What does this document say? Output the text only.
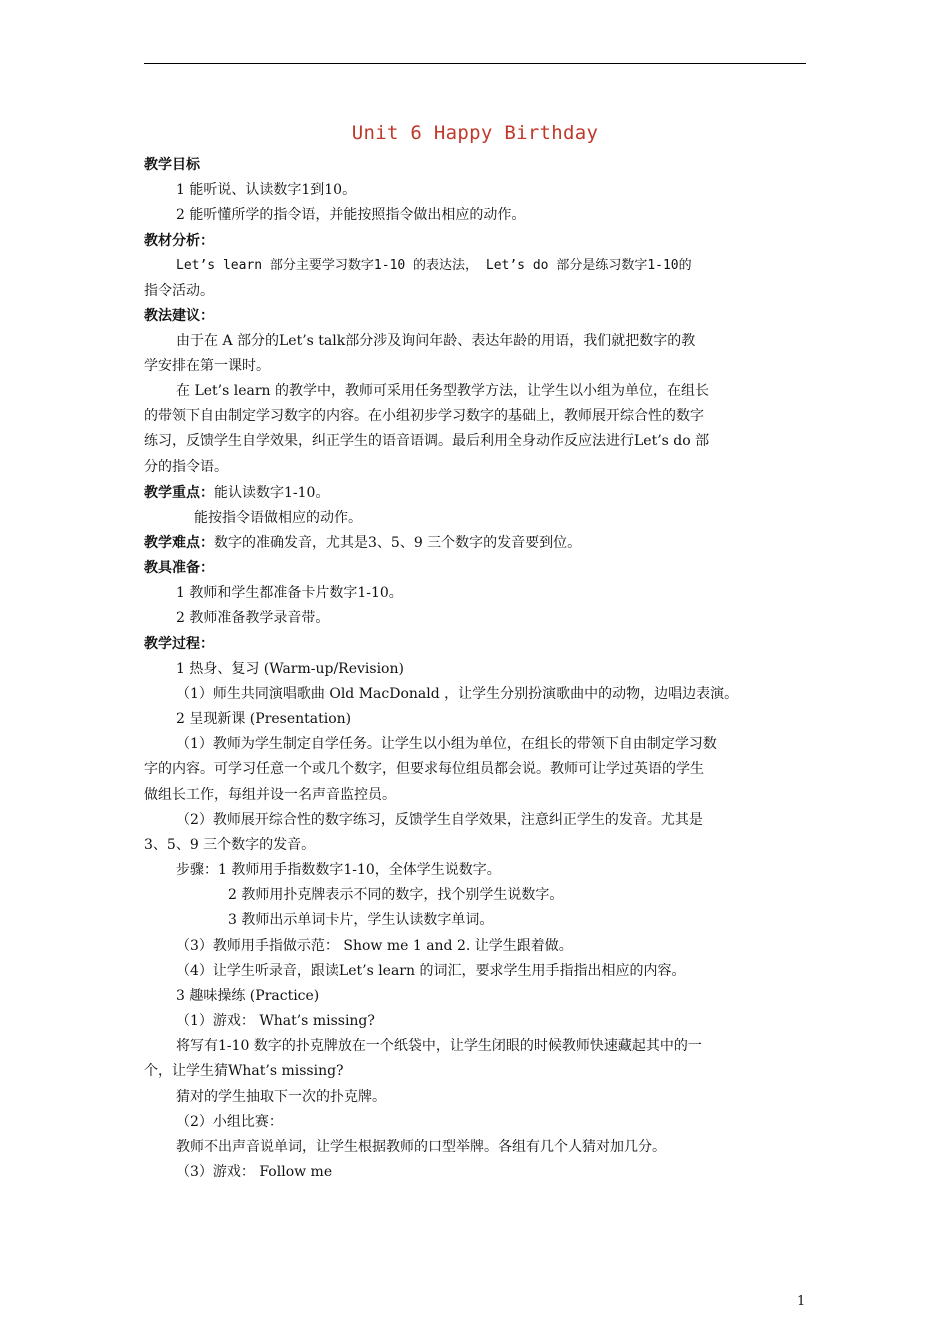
Unit 6 Happy Birthday
教学目标
1 能听说、认读数字1到10。
2 能听懂所学的指令语，并能按照指令做出相应的动作。
教材分析：
Let’s learn 部分主要学习数字1-10 的表达法， Let’s do 部分是练习数字1-10的
指令活动。
教法建议：
由于在 A 部分的Let’s talk部分涉及询问年龄、表达年龄的用语，我们就把数字的教
学安排在第一课时。
在 Let’s learn 的教学中，教师可采用任务型教学方法，让学生以小组为单位，在组长
的带领下自由制定学习数字的内容。在小组初步学习数字的基础上，教师展开综合性的数字
练习，反馈学生自学效果，纠正学生的语音语调。最后利用全身动作反应法进行Let’s do 部
分的指令语。
教学重点：能认读数字1-10。
能按指令语做相应的动作。
教学难点：数字的准确发音，尤其是3、5、9 三个数字的发音要到位。
教具准备：
1 教师和学生都准备卡片数字1-10。
2 教师准备教学录音带。
教学过程：
1 热身、复习 (Warm-up/Revision)
（1）师生共同演唱歌曲 Old MacDonald ，让学生分别扮演歌曲中的动物，边唱边表演。
2 呈现新课 (Presentation)
（1）教师为学生制定自学任务。让学生以小组为单位，在组长的带领下自由制定学习数
字的内容。可学习任意一个或几个数字，但要求每位组员都会说。教师可让学过英语的学生
做组长工作，每组并设一名声音监控员。
（2）教师展开综合性的数字练习，反馈学生自学效果，注意纠正学生的发音。尤其是
3、5、9 三个数字的发音。
步骤：1 教师用手指数数字1-10，全体学生说数字。
2 教师用扑克牌表示不同的数字，找个别学生说数字。
3 教师出示单词卡片，学生认读数字单词。
（3）教师用手指做示范： Show me 1 and 2. 让学生跟着做。
（4）让学生听录音，跟读Let’s learn 的词汇，要求学生用手指指出相应的内容。
3 趣味操练 (Practice)
（1）游戏： What’s missing?
将写有1-10 数字的扑克牌放在一个纸袋中，让学生闭眼的时候教师快速藏起其中的一
个，让学生猜What’s missing?
猜对的学生抽取下一次的扑克牌。
（2）小组比赛：
教师不出声音说单词，让学生根据教师的口型举牌。各组有几个人猜对加几分。
（3）游戏： Follow me
1
